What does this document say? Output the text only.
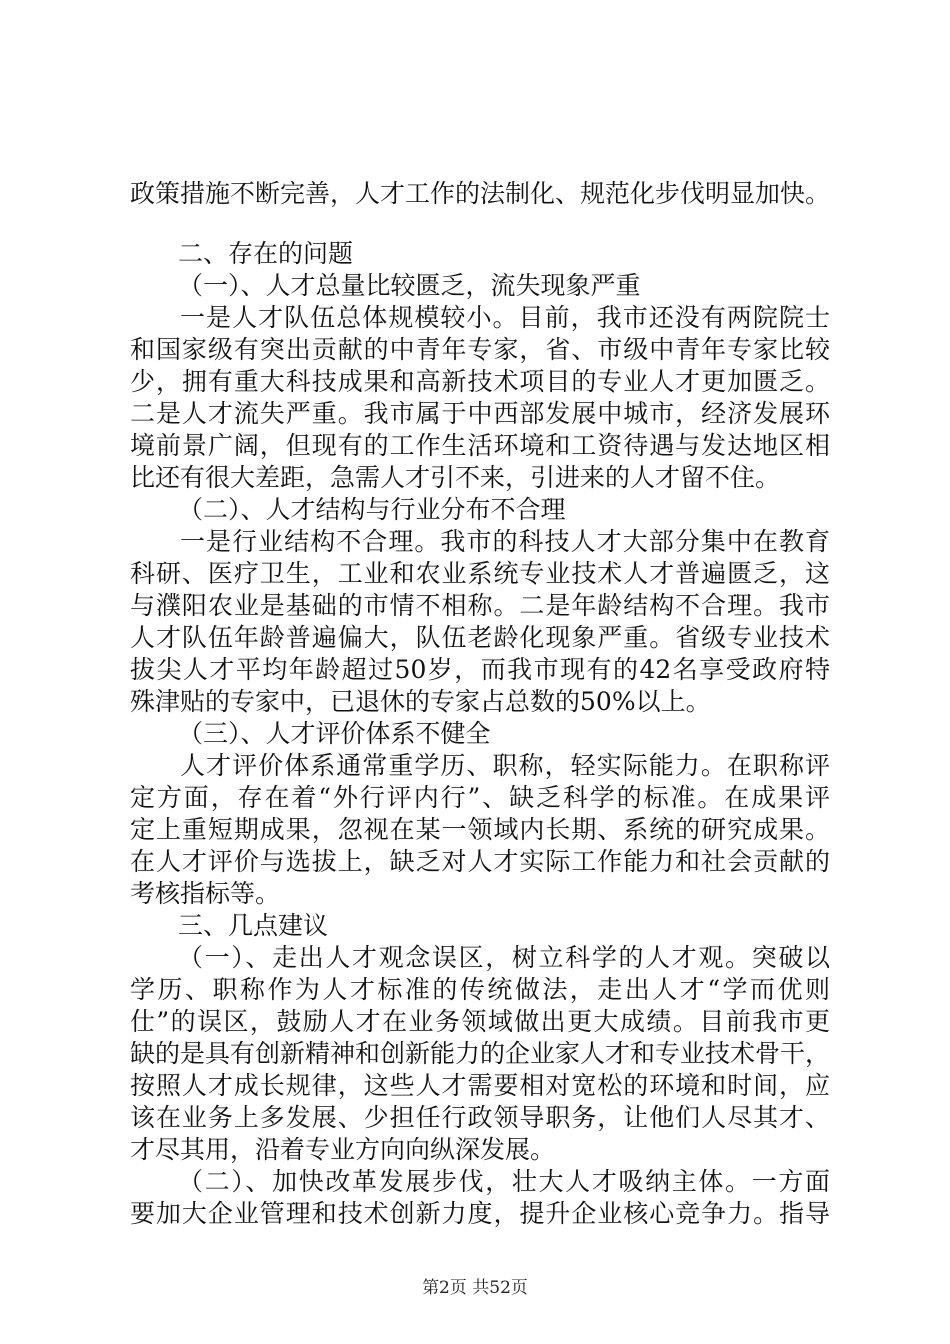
政策措施不断完善，人才工作的法制化、规范化步伐明显加快。
二、存在的问题
（一）、人才总量比较匮乏，流失现象严重
一是人才队伍总体规模较小。目前，我市还没有两院院士
和国家级有突出贡献的中青年专家，省、市级中青年专家比较
少，拥有重大科技成果和高新技术项目的专业人才更加匮乏。
二是人才流失严重。我市属于中西部发展中城市，经济发展环
境前景广阔，但现有的工作生活环境和工资待遇与发达地区相
比还有很大差距，急需人才引不来，引进来的人才留不住。
（二）、人才结构与行业分布不合理
一是行业结构不合理。我市的科技人才大部分集中在教育
科研、医疗卫生，工业和农业系统专业技术人才普遍匮乏，这
与濮阳农业是基础的市情不相称。二是年龄结构不合理。我市
人才队伍年龄普遍偏大，队伍老龄化现象严重。省级专业技术
拔尖人才平均年龄超过50岁，而我市现有的42名享受政府特
殊津贴的专家中，已退休的专家占总数的50%以上。
（三）、人才评价体系不健全
人才评价体系通常重学历、职称，轻实际能力。在职称评
定方面，存在着“外行评内行”、缺乏科学的标准。在成果评
定上重短期成果，忽视在某一领域内长期、系统的研究成果。
在人才评价与选拔上，缺乏对人才实际工作能力和社会贡献的
考核指标等。
三、几点建议
（一）、走出人才观念误区，树立科学的人才观。突破以
学历、职称作为人才标准的传统做法，走出人才“学而优则
仕”的误区，鼓励人才在业务领域做出更大成绩。目前我市更
缺的是具有创新精神和创新能力的企业家人才和专业技术骨干，
按照人才成长规律，这些人才需要相对宽松的环境和时间，应
该在业务上多发展、少担任行政领导职务，让他们人尽其才、
才尽其用，沿着专业方向向纵深发展。
（二）、加快改革发展步伐，壮大人才吸纳主体。一方面
要加大企业管理和技术创新力度，提升企业核心竞争力。指导
第2页 共52页
